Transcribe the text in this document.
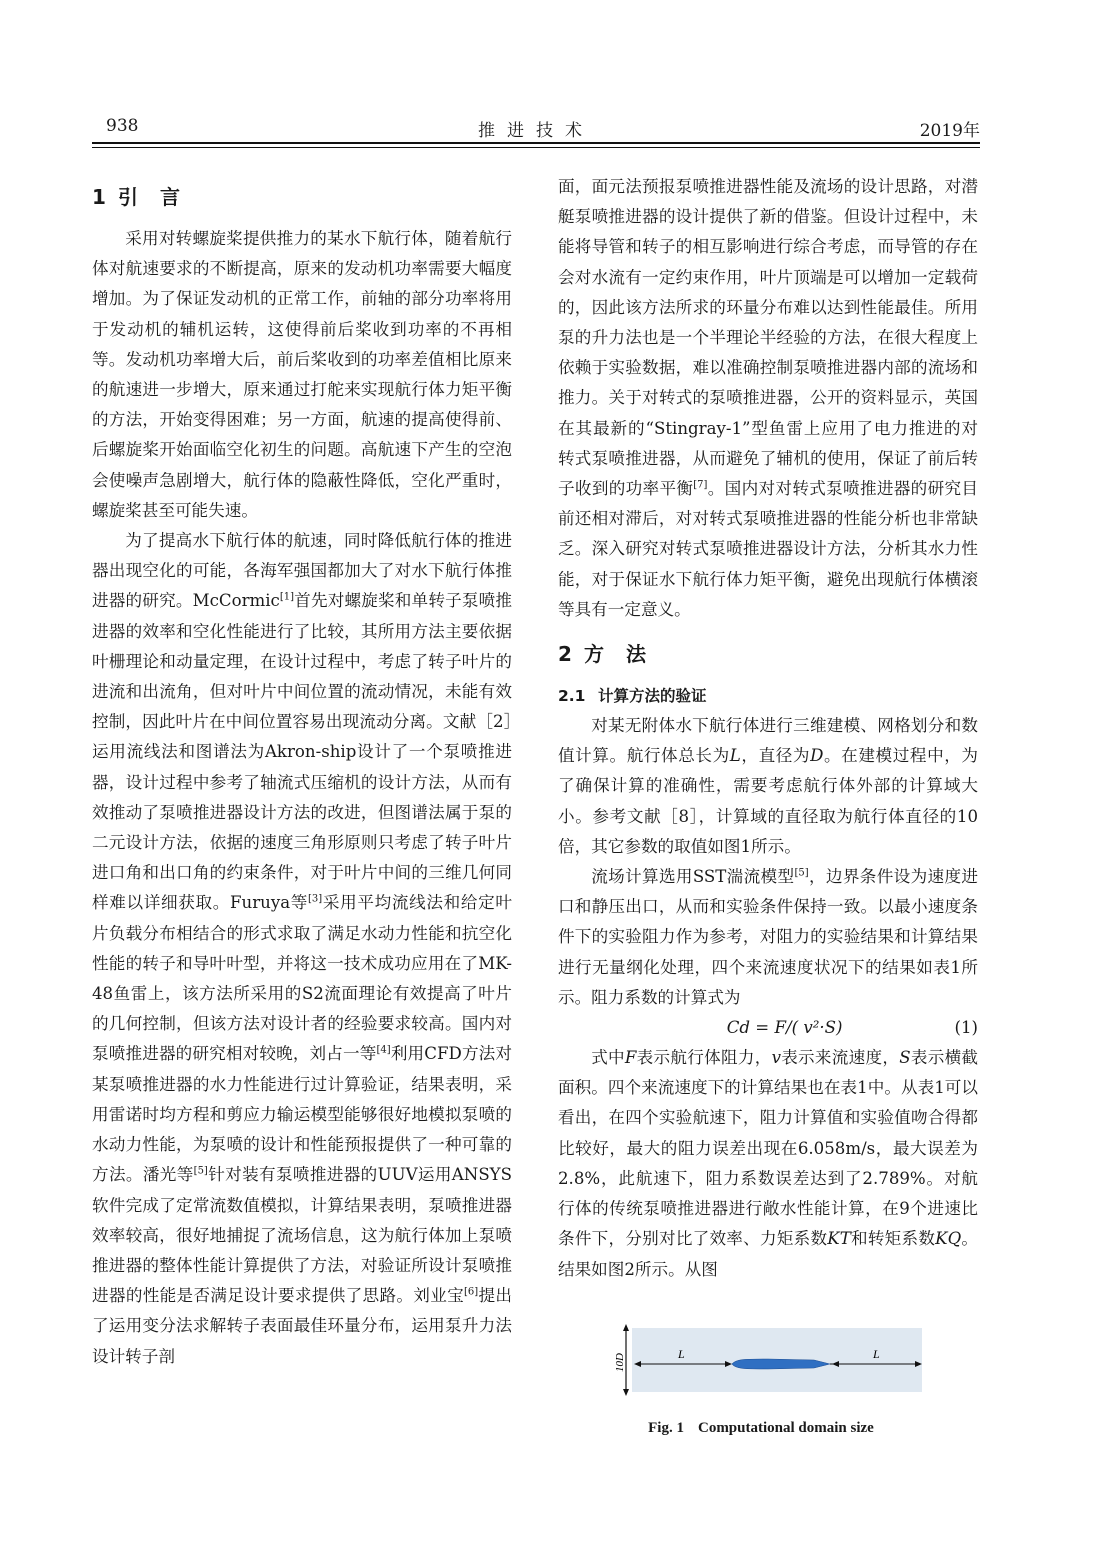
938	推进技术	2019年
1 引言

采用对转螺旋桨提供推力的某水下航行体，随着航行体对航速要求的不断提高，原来的发动机功率需要大幅度增加。为了保证发动机的正常工作，前轴的部分功率将用于发动机的辅机运转，这使得前后桨收到功率的不再相等。发动机功率增大后，前后桨收到的功率差值相比原来的航速进一步增大，原来通过打舵来实现航行体力矩平衡的方法，开始变得困难；另一方面，航速的提高使得前、后螺旋桨开始面临空化初生的问题。高航速下产生的空泡会使噪声急剧增大，航行体的隐蔽性降低，空化严重时，螺旋桨甚至可能失速。

为了提高水下航行体的航速，同时降低航行体的推进器出现空化的可能，各海军强国都加大了对水下航行体推进器的研究。McCormic[1]首先对螺旋桨和单转子泵喷推进器的效率和空化性能进行了比较，其所用方法主要依据叶栅理论和动量定理，在设计过程中，考虑了转子叶片的进流和出流角，但对叶片中间位置的流动情况，未能有效控制，因此叶片在中间位置容易出现流动分离。文献［2］运用流线法和图谱法为Akron-ship设计了一个泵喷推进器，设计过程中参考了轴流式压缩机的设计方法，从而有效推动了泵喷推进器设计方法的改进，但图谱法属于泵的二元设计方法，依据的速度三角形原则只考虑了转子叶片进口角和出口角的约束条件，对于叶片中间的三维几何同样难以详细获取。Furuya等[3]采用平均流线法和给定叶片负载分布相结合的形式求取了满足水动力性能和抗空化性能的转子和导叶叶型，并将这一技术成功应用在了MK-48鱼雷上，该方法所采用的S2流面理论有效提高了叶片的几何控制，但该方法对设计者的经验要求较高。国内对泵喷推进器的研究相对较晚，刘占一等[4]利用CFD方法对某泵喷推进器的水力性能进行过计算验证，结果表明，采用雷诺时均方程和剪应力输运模型能够很好地模拟泵喷的水动力性能，为泵喷的设计和性能预报提供了一种可靠的方法。潘光等[5]针对装有泵喷推进器的UUV运用ANSYS软件完成了定常流数值模拟，计算结果表明，泵喷推进器效率较高，很好地捕捉了流场信息，这为航行体加上泵喷推进器的整体性能计算提供了方法，对验证所设计泵喷推进器的性能是否满足设计要求提供了思路。刘业宝[6]提出了运用变分法求解转子表面最佳环量分布，运用泵升力法设计转子剖

面，面元法预报泵喷推进器性能及流场的设计思路，对潜艇泵喷推进器的设计提供了新的借鉴。但设计过程中，未能将导管和转子的相互影响进行综合考虑，而导管的存在会对水流有一定约束作用，叶片顶端是可以增加一定载荷的，因此该方法所求的环量分布难以达到性能最佳。所用泵的升力法也是一个半理论半经验的方法，在很大程度上依赖于实验数据，难以准确控制泵喷推进器内部的流场和推力。关于对转式的泵喷推进器，公开的资料显示，英国在其最新的“Stingray-1”型鱼雷上应用了电力推进的对转式泵喷推进器，从而避免了辅机的使用，保证了前后转子收到的功率平衡[7]。国内对对转式泵喷推进器的研究目前还相对滞后，对对转式泵喷推进器的性能分析也非常缺乏。深入研究对转式泵喷推进器设计方法，分析其水力性能，对于保证水下航行体力矩平衡，避免出现航行体横滚等具有一定意义。

2 方法
2.1 计算方法的验证

对某无附体水下航行体进行三维建模、网格划分和数值计算。航行体总长为L，直径为D。在建模过程中，为了确保计算的准确性，需要考虑航行体外部的计算域大小。参考文献［8］，计算域的直径取为航行体直径的10倍，其它参数的取值如图1所示。

流场计算选用SST湍流模型[5]，边界条件设为速度进口和静压出口，从而和实验条件保持一致。以最小速度条件下的实验阻力作为参考，对阻力的实验结果和计算结果进行无量纲化处理，四个来流速度状况下的结果如表1所示。阻力系数的计算式为

Cd = F/( v²·S)	(1)

式中F表示航行体阻力，v表示来流速度，S表示横截面积。四个来流速度下的计算结果也在表1中。从表1可以看出，在四个实验航速下，阻力计算值和实验值吻合得都比较好，最大的阻力误差出现在6.058m/s，最大误差为2.8%，此航速下，阻力系数误差达到了2.789%。对航行体的传统泵喷推进器进行敞水性能计算，在9个进速比条件下，分别对比了效率、力矩系数KT和转矩系数KQ。结果如图2所示。从图

10D	L	L
Fig. 1 Computational domain size
